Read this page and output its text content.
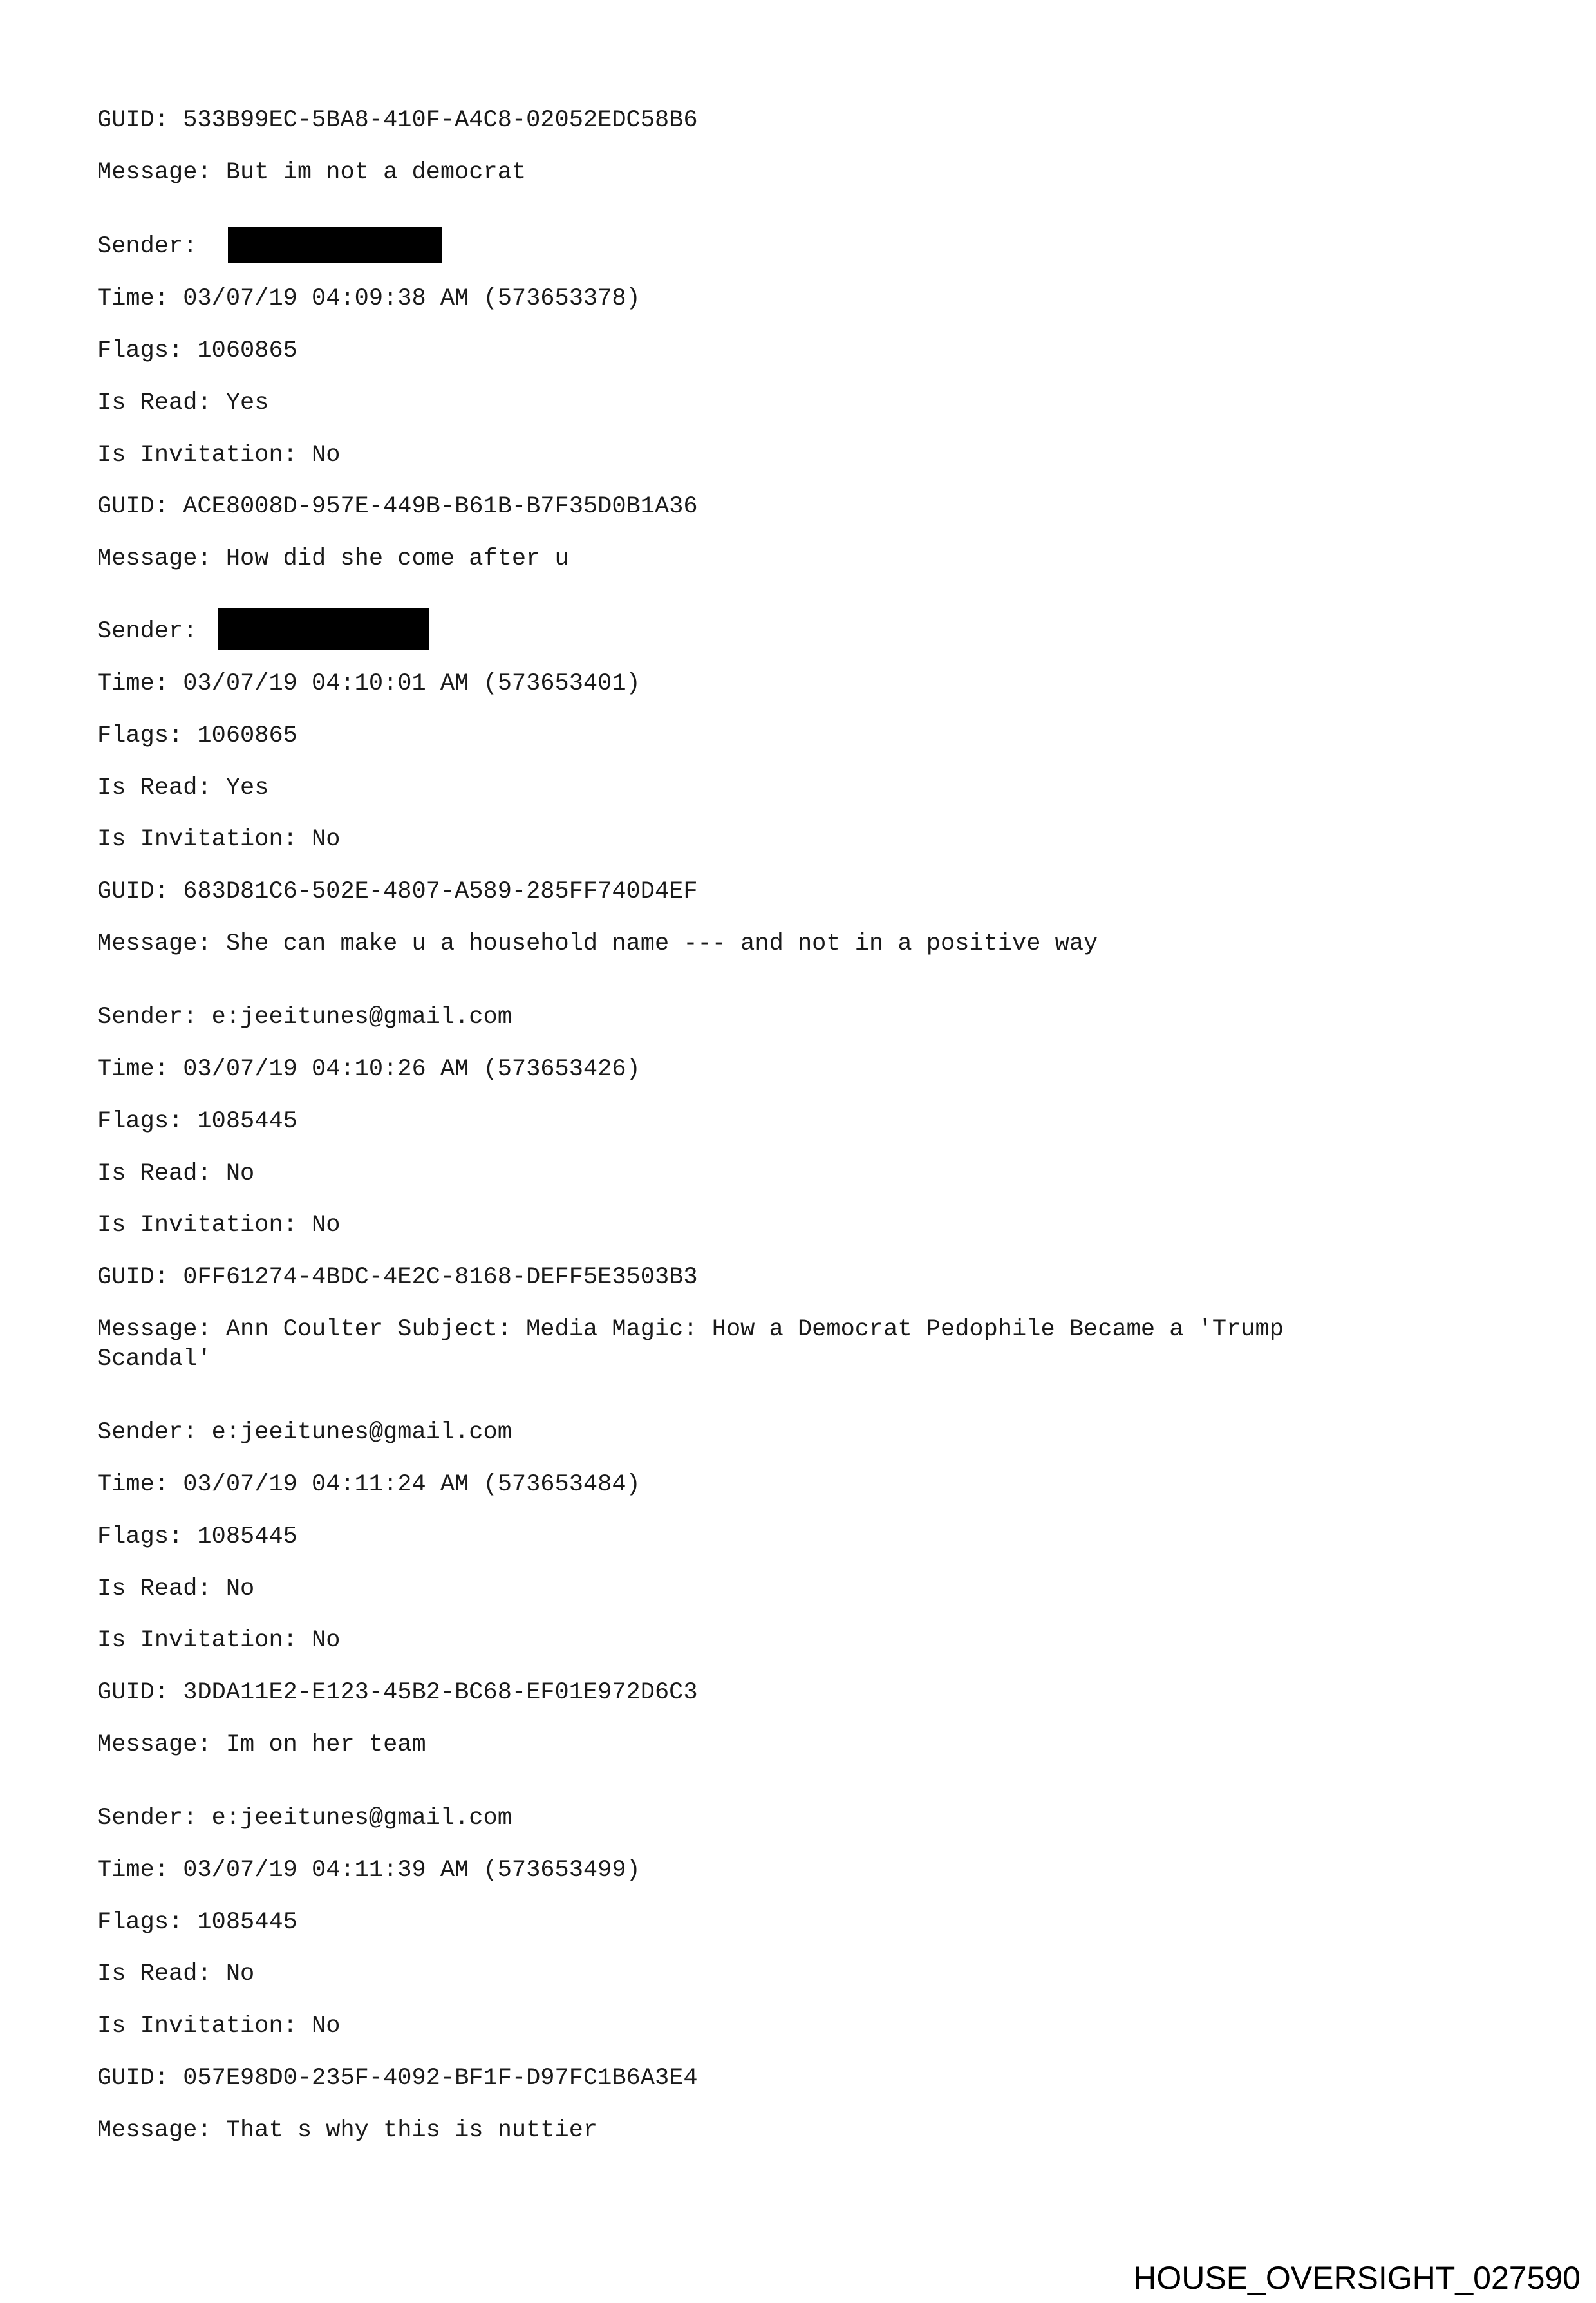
GUID: 533B99EC-5BA8-410F-A4C8-02052EDC58B6
Message: But im not a democrat
Sender:
Time: 03/07/19 04:09:38 AM (573653378)
Flags: 1060865
Is Read: Yes
Is Invitation: No
GUID: ACE8008D-957E-449B-B61B-B7F35D0B1A36
Message: How did she come after u
Sender:
Time: 03/07/19 04:10:01 AM (573653401)
Flags: 1060865
Is Read: Yes
Is Invitation: No
GUID: 683D81C6-502E-4807-A589-285FF740D4EF
Message: She can make u a household name --- and not in a positive way
Sender: e:jeeitunes@gmail.com
Time: 03/07/19 04:10:26 AM (573653426)
Flags: 1085445
Is Read: No
Is Invitation: No
GUID: 0FF61274-4BDC-4E2C-8168-DEFF5E3503B3
Message: Ann Coulter Subject: Media Magic: How a Democrat Pedophile Became a 'Trump
Scandal'
Sender: e:jeeitunes@gmail.com
Time: 03/07/19 04:11:24 AM (573653484)
Flags: 1085445
Is Read: No
Is Invitation: No
GUID: 3DDA11E2-E123-45B2-BC68-EF01E972D6C3
Message: Im on her team
Sender: e:jeeitunes@gmail.com
Time: 03/07/19 04:11:39 AM (573653499)
Flags: 1085445
Is Read: No
Is Invitation: No
GUID: 057E98D0-235F-4092-BF1F-D97FC1B6A3E4
Message: That s why this is nuttier
HOUSE_OVERSIGHT_027590
